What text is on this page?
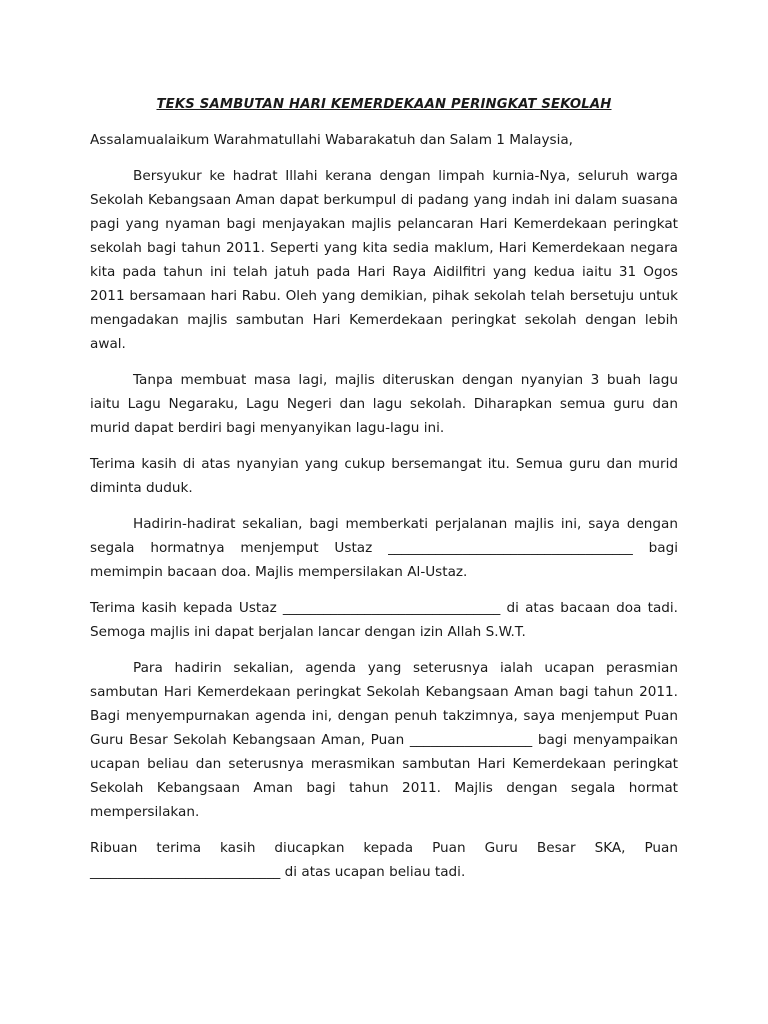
TEKS SAMBUTAN HARI KEMERDEKAAN PERINGKAT SEKOLAH

Assalamualaikum Warahmatullahi Wabarakatuh dan Salam 1 Malaysia,

Bersyukur ke hadrat Illahi kerana dengan limpah kurnia-Nya, seluruh warga Sekolah Kebangsaan Aman dapat berkumpul di padang yang indah ini dalam suasana pagi yang nyaman bagi menjayakan majlis pelancaran Hari Kemerdekaan peringkat sekolah bagi tahun 2011. Seperti yang kita sedia maklum, Hari Kemerdekaan negara kita pada tahun ini telah jatuh pada Hari Raya Aidilfitri yang kedua iaitu 31 Ogos 2011 bersamaan hari Rabu. Oleh yang demikian, pihak sekolah telah bersetuju untuk mengadakan majlis sambutan Hari Kemerdekaan peringkat sekolah dengan lebih awal.

Tanpa membuat masa lagi, majlis diteruskan dengan nyanyian 3 buah lagu iaitu Lagu Negaraku, Lagu Negeri dan lagu sekolah. Diharapkan semua guru dan murid dapat berdiri bagi menyanyikan lagu-lagu ini.

Terima kasih di atas nyanyian yang cukup bersemangat itu. Semua guru dan murid diminta duduk.

Hadirin-hadirat sekalian, bagi memberkati perjalanan majlis ini, saya dengan segala hormatnya menjemput Ustaz ____________________________________ bagi memimpin bacaan doa. Majlis mempersilakan Al-Ustaz.

Terima kasih kepada Ustaz ________________________________ di atas bacaan doa tadi. Semoga majlis ini dapat berjalan lancar dengan izin Allah S.W.T.

Para hadirin sekalian, agenda yang seterusnya ialah ucapan perasmian sambutan Hari Kemerdekaan peringkat Sekolah Kebangsaan Aman bagi tahun 2011. Bagi menyempurnakan agenda ini, dengan penuh takzimnya, saya menjemput Puan Guru Besar Sekolah Kebangsaan Aman, Puan __________________ bagi menyampaikan ucapan beliau dan seterusnya merasmikan sambutan Hari Kemerdekaan peringkat Sekolah Kebangsaan Aman bagi tahun 2011. Majlis dengan segala hormat mempersilakan.

Ribuan terima kasih diucapkan kepada Puan Guru Besar SKA, Puan ____________________________ di atas ucapan beliau tadi.
